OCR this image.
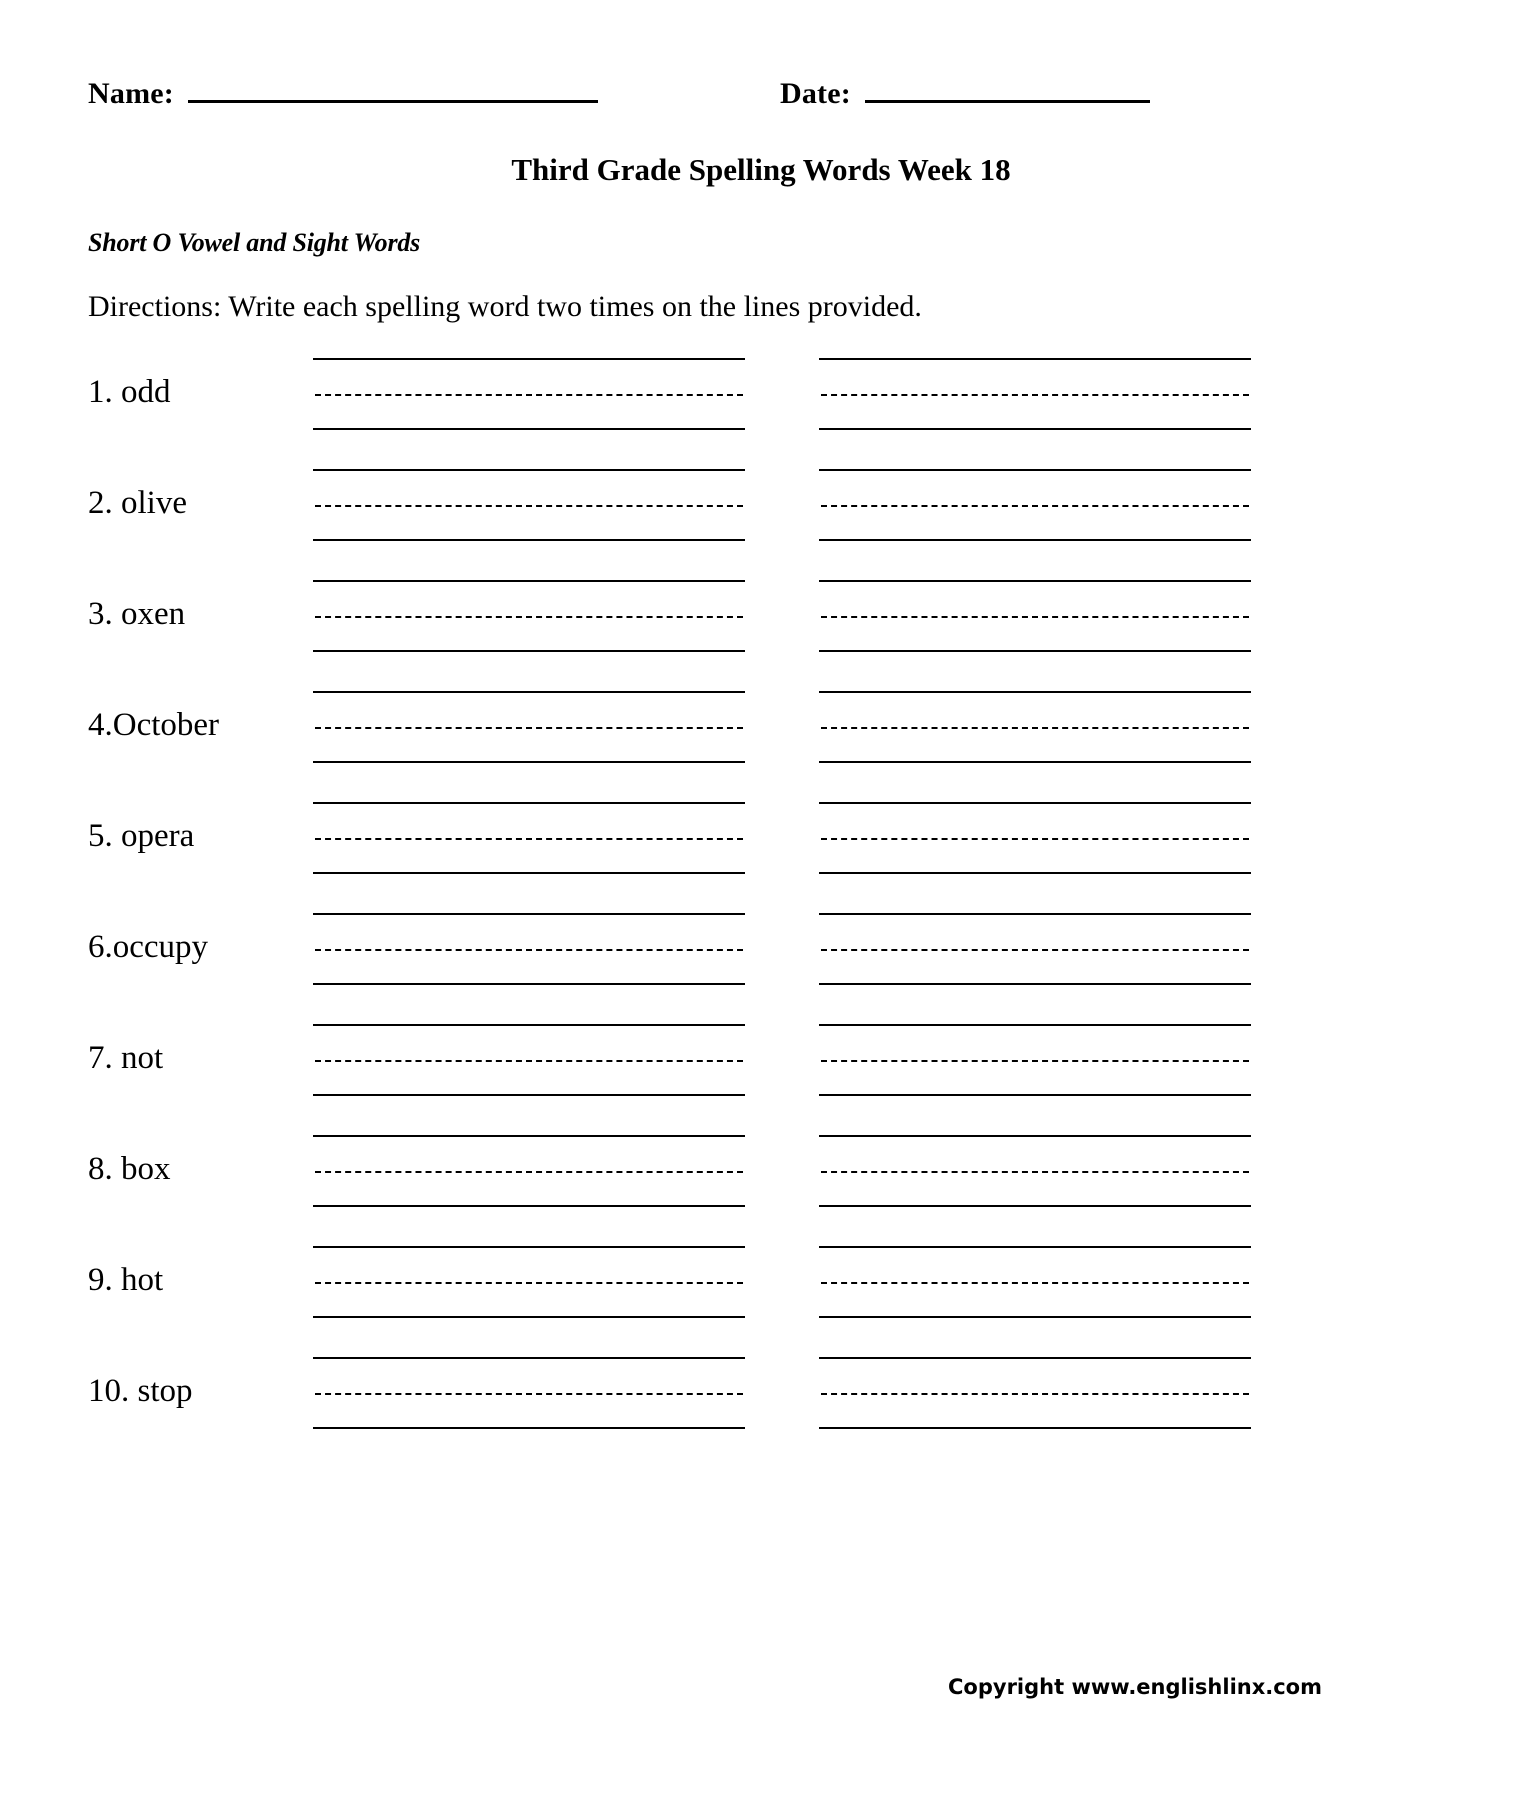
Name:	Date:
Third Grade Spelling Words Week 18
Short O Vowel and Sight Words
Directions: Write each spelling word two times on the lines provided.
1. odd
2. olive
3. oxen
4.October
5. opera
6.occupy
7. not
8. box
9. hot
10. stop
Copyright www.englishlinx.com
